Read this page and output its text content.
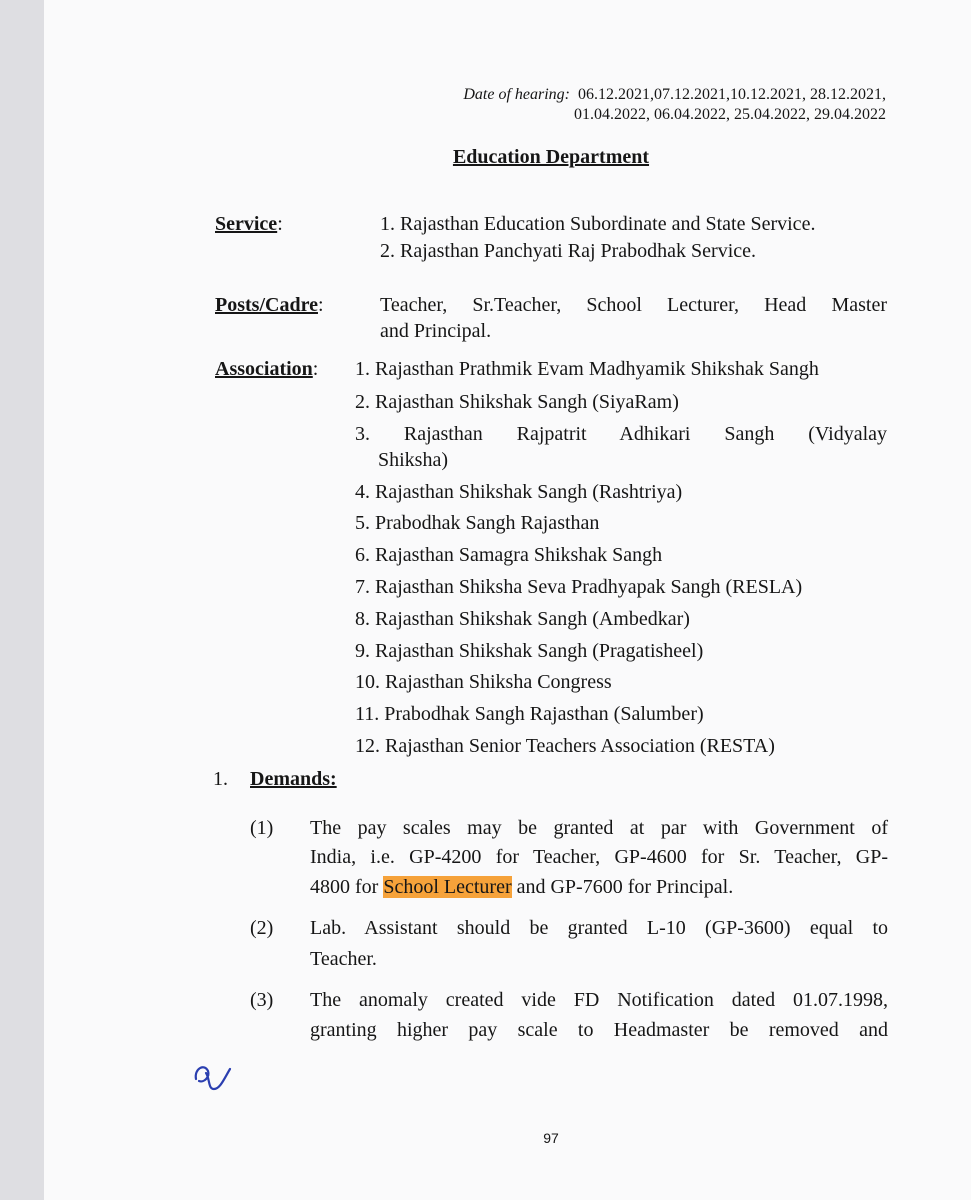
Date of hearing: 06.12.2021,07.12.2021,10.12.2021, 28.12.2021,
01.04.2022, 06.04.2022, 25.04.2022, 29.04.2022
Education Department
Service:	1. Rajasthan Education Subordinate and State Service.
2. Rajasthan Panchyati Raj Prabodhak Service.
Posts/Cadre:	Teacher, Sr.Teacher, School Lecturer, Head Master
and Principal.
Association: 1. Rajasthan Prathmik Evam Madhyamik Shikshak Sangh
2. Rajasthan Shikshak Sangh (SiyaRam)
3. Rajasthan Rajpatrit Adhikari Sangh (Vidyalay
Shiksha)
4. Rajasthan Shikshak Sangh (Rashtriya)
5. Prabodhak Sangh Rajasthan
6. Rajasthan Samagra Shikshak Sangh
7. Rajasthan Shiksha Seva Pradhyapak Sangh (RESLA)
8. Rajasthan Shikshak Sangh (Ambedkar)
9. Rajasthan Shikshak Sangh (Pragatisheel)
10. Rajasthan Shiksha Congress
11. Prabodhak Sangh Rajasthan (Salumber)
12. Rajasthan Senior Teachers Association (RESTA)
1. Demands:
(1) The pay scales may be granted at par with Government of
India, i.e. GP-4200 for Teacher, GP-4600 for Sr. Teacher, GP-
4800 for School Lecturer and GP-7600 for Principal.
(2) Lab. Assistant should be granted L-10 (GP-3600) equal to
Teacher.
(3) The anomaly created vide FD Notification dated 01.07.1998,
granting higher pay scale to Headmaster be removed and
97
